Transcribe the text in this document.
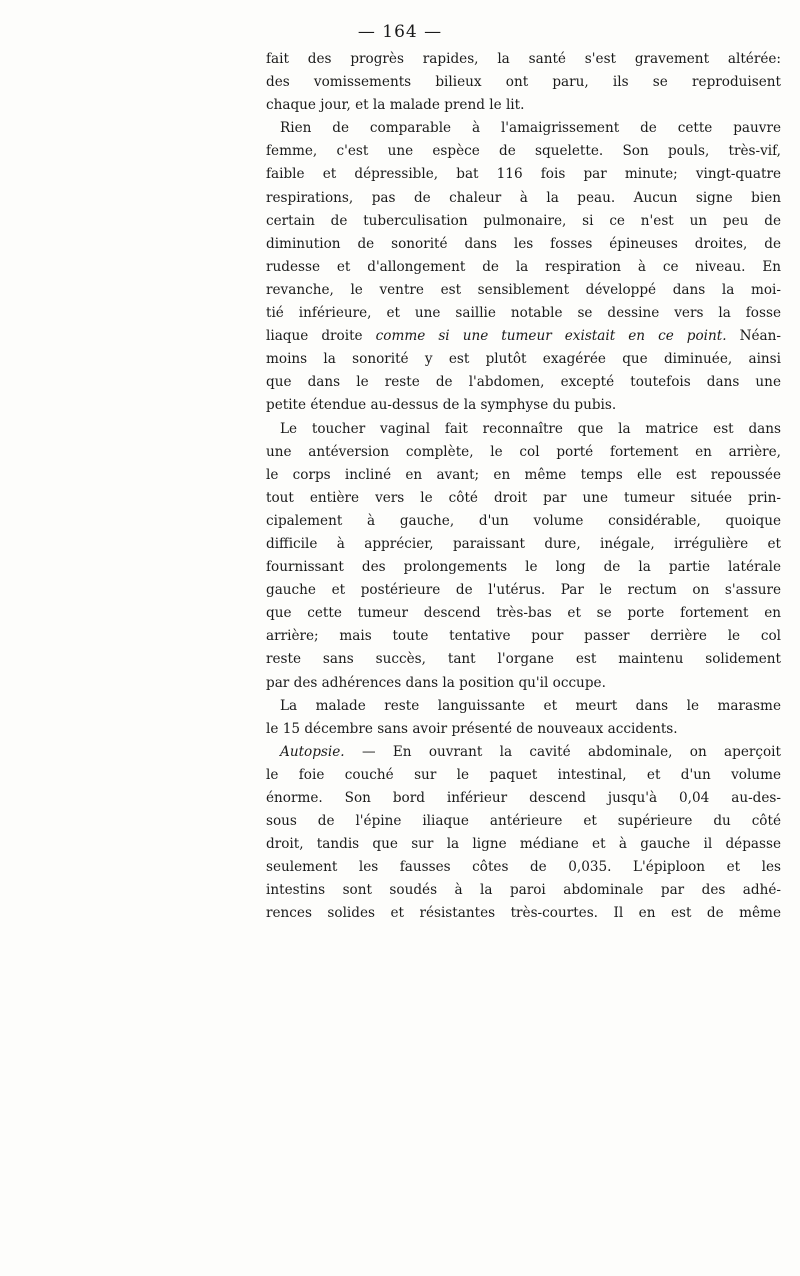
— 164 —
fait des progrès rapides, la santé s'est gravement altérée:
des vomissements bilieux ont paru, ils se reproduisent
chaque jour, et la malade prend le lit.
Rien de comparable à l'amaigrissement de cette pauvre
femme, c'est une espèce de squelette. Son pouls, très-vif,
faible et dépressible, bat 116 fois par minute; vingt-quatre
respirations, pas de chaleur à la peau. Aucun signe bien
certain de tuberculisation pulmonaire, si ce n'est un peu de
diminution de sonorité dans les fosses épineuses droites, de
rudesse et d'allongement de la respiration à ce niveau. En
revanche, le ventre est sensiblement développé dans la moi-
tié inférieure, et une saillie notable se dessine vers la fosse
liaque droite comme si une tumeur existait en ce point. Néan-
moins la sonorité y est plutôt exagérée que diminuée, ainsi
que dans le reste de l'abdomen, excepté toutefois dans une
petite étendue au-dessus de la symphyse du pubis.
Le toucher vaginal fait reconnaître que la matrice est dans
une antéversion complète, le col porté fortement en arrière,
le corps incliné en avant; en même temps elle est repoussée
tout entière vers le côté droit par une tumeur située prin-
cipalement à gauche, d'un volume considérable, quoique
difficile à apprécier, paraissant dure, inégale, irrégulière et
fournissant des prolongements le long de la partie latérale
gauche et postérieure de l'utérus. Par le rectum on s'assure
que cette tumeur descend très-bas et se porte fortement en
arrière; mais toute tentative pour passer derrière le col
reste sans succès, tant l'organe est maintenu solidement
par des adhérences dans la position qu'il occupe.
La malade reste languissante et meurt dans le marasme
le 15 décembre sans avoir présenté de nouveaux accidents.
Autopsie. — En ouvrant la cavité abdominale, on aperçoit
le foie couché sur le paquet intestinal, et d'un volume
énorme. Son bord inférieur descend jusqu'à 0,04 au-des-
sous de l'épine iliaque antérieure et supérieure du côté
droit, tandis que sur la ligne médiane et à gauche il dépasse
seulement les fausses côtes de 0,035. L'épiploon et les
intestins sont soudés à la paroi abdominale par des adhé-
rences solides et résistantes très-courtes. Il en est de même
